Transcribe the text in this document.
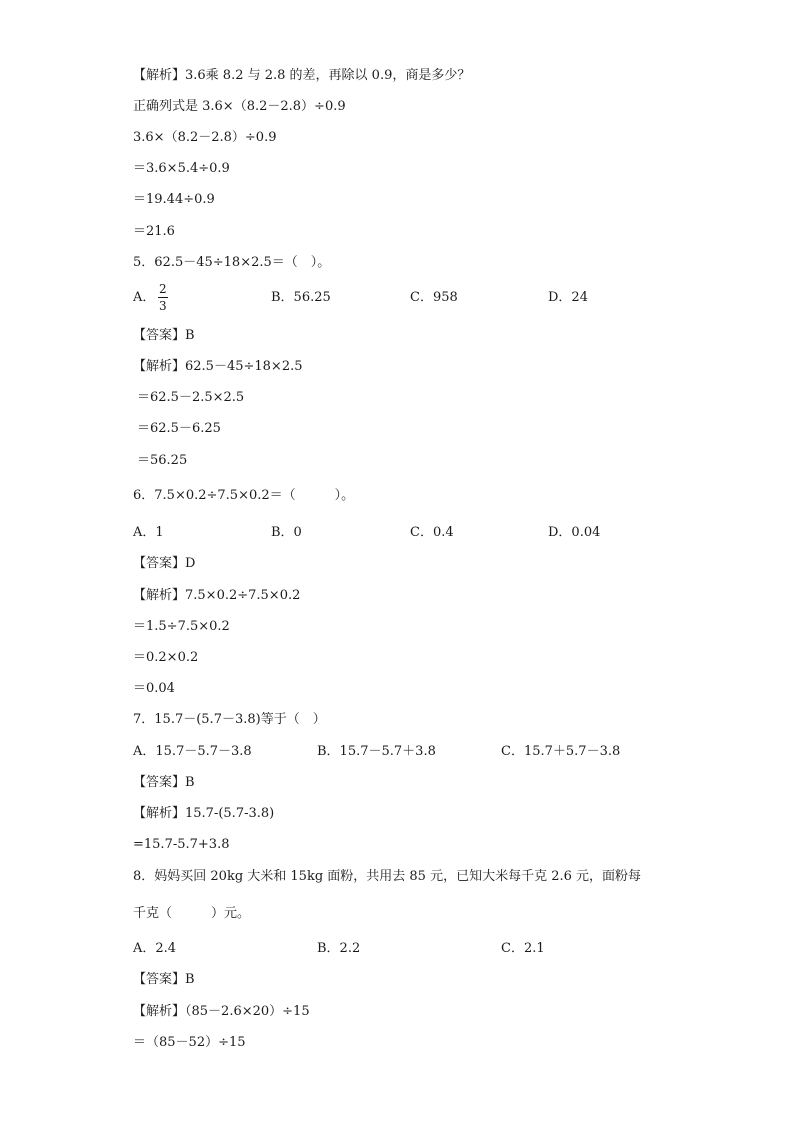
【解析】3.6乘 8.2 与 2.8 的差，再除以 0.9，商是多少？
正确列式是 3.6×（8.2－2.8）÷0.9
3.6×（8.2－2.8）÷0.9
＝3.6×5.4÷0.9
＝19.44÷0.9
＝21.6
5．62.5－45÷18×2.5＝（　）。
A．
2
3
B．56.25	C．958	D．24
【答案】B
【解析】62.5－45÷18×2.5
＝62.5－2.5×2.5
＝62.5－6.25
＝56.25
6．7.5×0.2÷7.5×0.2＝（　　　）。
A．1	B．0	C．0.4	D．0.04
【答案】D
【解析】7.5×0.2÷7.5×0.2
＝1.5÷7.5×0.2
＝0.2×0.2
＝0.04
7．15.7－(5.7－3.8)等于（　）
A．15.7－5.7－3.8	B．15.7－5.7＋3.8	C．15.7＋5.7－3.8
【答案】B
【解析】15.7-(5.7-3.8)
=15.7-5.7+3.8
8．妈妈买回 20kg 大米和 15kg 面粉，共用去 85 元，已知大米每千克 2.6 元，面粉每
千克（　　　）元。
A．2.4	B．2.2	C．2.1
【答案】B
【解析】（85－2.6×20）÷15
＝（85－52）÷15
